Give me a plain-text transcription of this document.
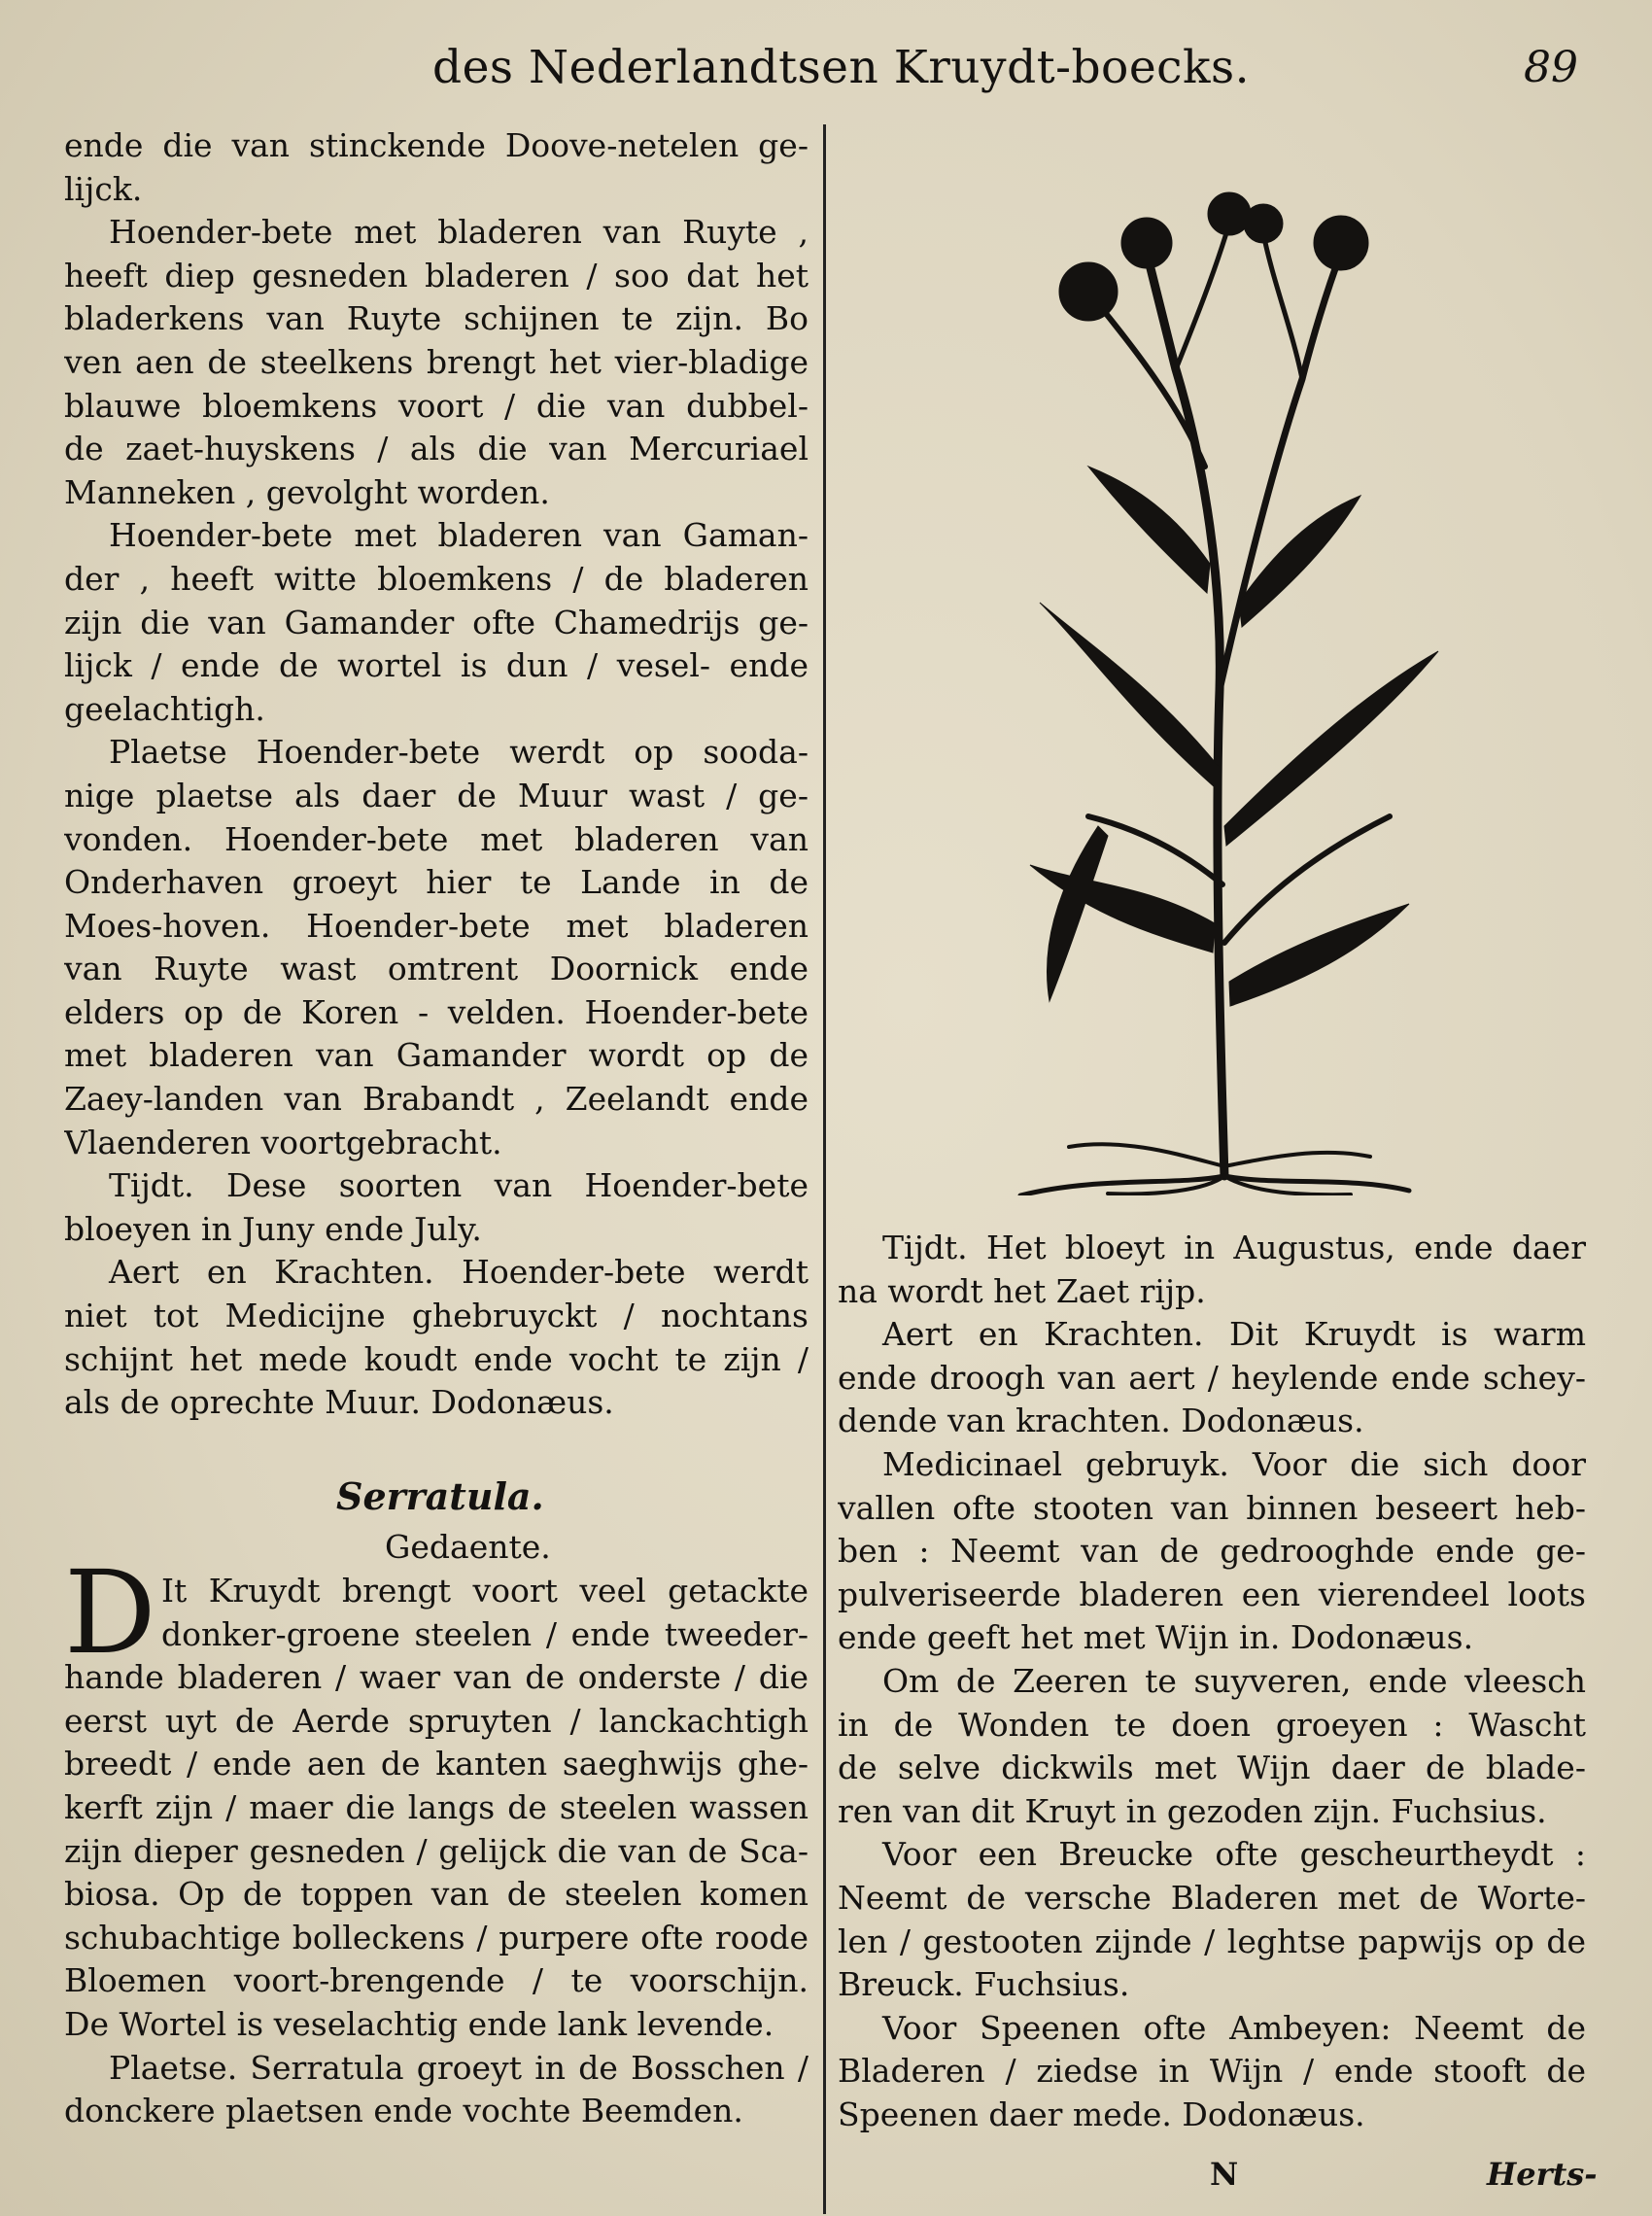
des Nederlandtsen Kruydt-boecks.	89
ende die van stinckende Doove-netelen ge-
lijck.
Hoender-bete met bladeren van Ruyte ,
heeft diep gesneden bladeren / soo dat het
bladerkens van Ruyte schijnen te zijn. Bo
ven aen de steelkens brengt het vier-bladige
blauwe bloemkens voort / die van dubbel-
de zaet-huyskens / als die van Mercuriael
Manneken , gevolght worden.
Hoender-bete met bladeren van Gaman-
der , heeft witte bloemkens / de bladeren
zijn die van Gamander ofte Chamedrijs ge-
lijck / ende de wortel is dun / vesel- ende
geelachtigh.
Plaetse Hoender-bete werdt op sooda-
nige plaetse als daer de Muur wast / ge-
vonden. Hoender-bete met bladeren van
Onderhaven groeyt hier te Lande in de
Moes-hoven. Hoender-bete met bladeren
van Ruyte wast omtrent Doornick ende
elders op de Koren - velden. Hoender-bete
met bladeren van Gamander wordt op de
Zaey-landen van Brabandt , Zeelandt ende
Vlaenderen voortgebracht.
Tijdt. Dese soorten van Hoender-bete
bloeyen in Juny ende July.
Aert en Krachten. Hoender-bete werdt
niet tot Medicijne ghebruyckt / nochtans
schijnt het mede koudt ende vocht te zijn /
als de oprechte Muur. Dodonæus.
Serratula.
Gedaente.
D It Kruydt brengt voort veel getackte
donker-groene steelen / ende tweeder-
hande bladeren / waer van de onderste / die
eerst uyt de Aerde spruyten / lanckachtigh
breedt / ende aen de kanten saeghwijs ghe-
kerft zijn / maer die langs de steelen wassen
zijn dieper gesneden / gelijck die van de Sca-
biosa. Op de toppen van de steelen komen
schubachtige bolleckens / purpere ofte roode
Bloemen voort-brengende / te voorschijn.
De Wortel is veselachtig ende lank levende.
Plaetse. Serratula groeyt in de Bosschen /
donckere plaetsen ende vochte Beemden.
Tijdt. Het bloeyt in Augustus, ende daer
na wordt het Zaet rijp.
Aert en Krachten. Dit Kruydt is warm
ende droogh van aert / heylende ende schey-
dende van krachten. Dodonæus.
Medicinael gebruyk. Voor die sich door
vallen ofte stooten van binnen beseert heb-
ben : Neemt van de gedrooghde ende ge-
pulveriseerde bladeren een vierendeel loots
ende geeft het met Wijn in. Dodonæus.
Om de Zeeren te suyveren, ende vleesch
in de Wonden te doen groeyen : Wascht
de selve dickwils met Wijn daer de blade-
ren van dit Kruyt in gezoden zijn. Fuchsius.
Voor een Breucke ofte gescheurtheydt :
Neemt de versche Bladeren met de Worte-
len / gestooten zijnde / leghtse papwijs op de
Breuck. Fuchsius.
Voor Speenen ofte Ambeyen: Neemt de
Bladeren / ziedse in Wijn / ende stooft de
Speenen daer mede. Dodonæus.
N	Herts-
